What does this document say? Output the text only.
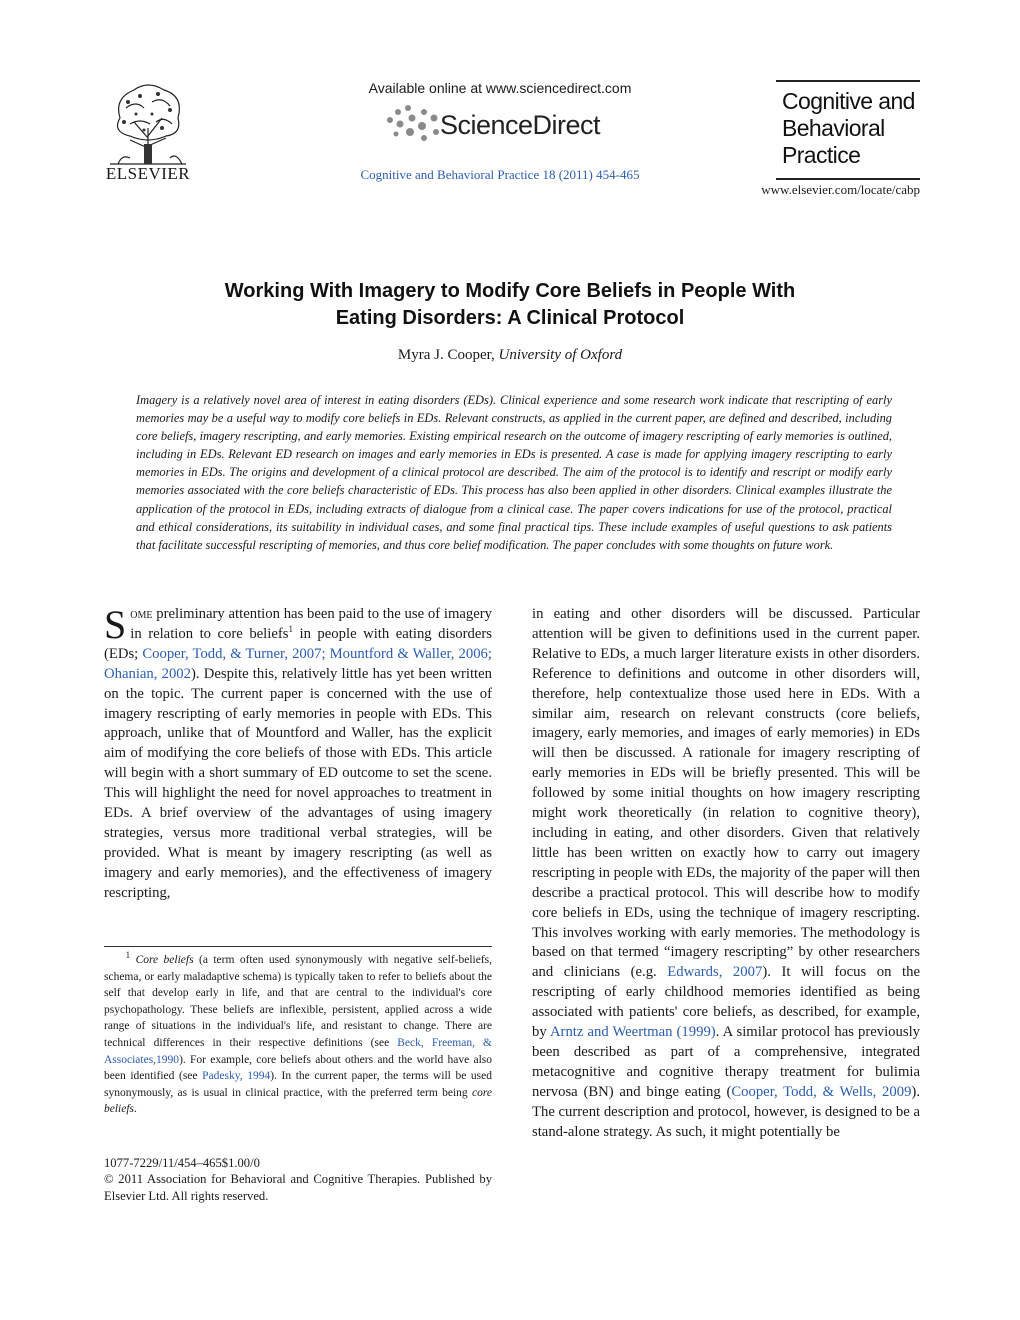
ELSEVIER
Available online at www.sciencedirect.com
ScienceDirect
Cognitive and Behavioral Practice 18 (2011) 454-465
Cognitive and
Behavioral
Practice
www.elsevier.com/locate/cabp
Working With Imagery to Modify Core Beliefs in People With
Eating Disorders: A Clinical Protocol
Myra J. Cooper, University of Oxford
Imagery is a relatively novel area of interest in eating disorders (EDs). Clinical experience and some research work indicate that rescripting of early memories may be a useful way to modify core beliefs in EDs. Relevant constructs, as applied in the current paper, are defined and described, including core beliefs, imagery rescripting, and early memories. Existing empirical research on the outcome of imagery rescripting of early memories is outlined, including in EDs. Relevant ED research on images and early memories in EDs is presented. A case is made for applying imagery rescripting to early memories in EDs. The origins and development of a clinical protocol are described. The aim of the protocol is to identify and rescript or modify early memories associated with the core beliefs characteristic of EDs. This process has also been applied in other disorders. Clinical examples illustrate the application of the protocol in EDs, including extracts of dialogue from a clinical case. The paper covers indications for use of the protocol, practical and ethical considerations, its suitability in individual cases, and some final practical tips. These include examples of useful questions to ask patients that facilitate successful rescripting of memories, and thus core belief modification. The paper concludes with some thoughts on future work.
Some preliminary attention has been paid to the use of imagery in relation to core beliefs$^1$ in people with eating disorders (EDs; Cooper, Todd, & Turner, 2007; Mountford & Waller, 2006; Ohanian, 2002). Despite this, relatively little has yet been written on the topic. The current paper is concerned with the use of imagery rescripting of early memories in people with EDs. This approach, unlike that of Mountford and Waller, has the explicit aim of modifying the core beliefs of those with EDs. This article will begin with a short summary of ED outcome to set the scene. This will highlight the need for novel approaches to treatment in EDs. A brief overview of the advantages of using imagery strategies, versus more traditional verbal strategies, will be provided. What is meant by imagery rescripting (as well as imagery and early memories), and the effectiveness of imagery rescripting,
$^1$ Core beliefs (a term often used synonymously with negative self-beliefs, schema, or early maladaptive schema) is typically taken to refer to beliefs about the self that develop early in life, and that are central to the individual's core psychopathology. These beliefs are inflexible, persistent, applied across a wide range of situations in the individual's life, and resistant to change. There are technical differences in their respective definitions (see Beck, Freeman, & Associates,1990). For example, core beliefs about others and the world have also been identified (see Padesky, 1994). In the current paper, the terms will be used synonymously, as is usual in clinical practice, with the preferred term being core beliefs.
1077-7229/11/454–465$1.00/0
© 2011 Association for Behavioral and Cognitive Therapies. Published by Elsevier Ltd. All rights reserved.
in eating and other disorders will be discussed. Particular attention will be given to definitions used in the current paper. Relative to EDs, a much larger literature exists in other disorders. Reference to definitions and outcome in other disorders will, therefore, help contextualize those used here in EDs. With a similar aim, research on relevant constructs (core beliefs, imagery, early memories, and images of early memories) in EDs will then be discussed. A rationale for imagery rescripting of early memories in EDs will be briefly presented. This will be followed by some initial thoughts on how imagery rescripting might work theoretically (in relation to cognitive theory), including in eating, and other disorders. Given that relatively little has been written on exactly how to carry out imagery rescripting in people with EDs, the majority of the paper will then describe a practical protocol. This will describe how to modify core beliefs in EDs, using the technique of imagery rescripting. This involves working with early memories. The methodology is based on that termed “imagery rescripting” by other researchers and clinicians (e.g. Edwards, 2007). It will focus on the rescripting of early childhood memories identified as being associated with patients' core beliefs, as described, for example, by Arntz and Weertman (1999). A similar protocol has previously been described as part of a comprehensive, integrated metacognitive and cognitive therapy treatment for bulimia nervosa (BN) and binge eating (Cooper, Todd, & Wells, 2009). The current description and protocol, however, is designed to be a stand-alone strategy. As such, it might potentially be
